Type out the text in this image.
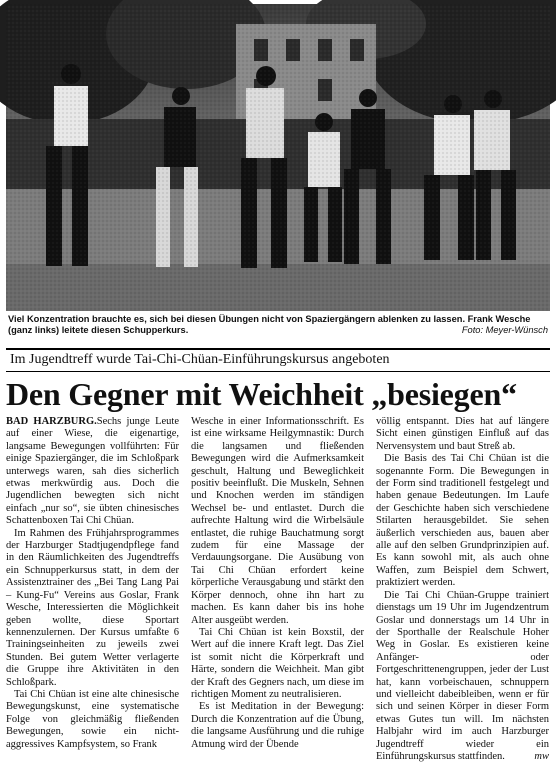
Viel Konzentration brauchte es, sich bei diesen Übungen nicht von Spaziergängern ablenken zu lassen. Frank Wesche (ganz links) leitete diesen Schupperkurs.	Foto: Meyer-Wünsch
Im Jugendtreff wurde Tai-Chi-Chüan-Einführungskursus angeboten
Den Gegner mit Weichheit „besiegen“

BAD HARZBURG.Sechs junge Leute auf einer Wiese, die eigenartige, langsame Bewegungen vollführten: Für einige Spaziergänger, die im Schloßpark unterwegs waren, sah dies sicherlich etwas merkwürdig aus. Doch die Jugendlichen bewegten sich nicht einfach „nur so“, sie übten chinesisches Schattenboxen Tai Chi Chüan.

Im Rahmen des Frühjahrsprogrammes der Harzburger Stadtjugendpflege fand in den Räumlichkeiten des Jugendtreffs ein Schnupperkursus statt, in dem der Assistenztrainer des „Bei Tang Lang Pai – Kung-Fu“ Vereins aus Goslar, Frank Wesche, Interessierten die Möglichkeit geben wollte, diese Sportart kennenzulernen. Der Kursus umfaßte 6 Trainingseinheiten zu jeweils zwei Stunden. Bei gutem Wetter verlagerte die Gruppe ihre Aktivitäten in den Schloßpark.

Tai Chi Chüan ist eine alte chinesische Bewegungskunst, eine systematische Folge von gleichmäßig fließenden Bewegungen, sowie ein nicht-aggressives Kampfsystem, so Frank

Wesche in einer Informationsschrift. Es ist eine wirksame Heilgymnastik: Durch die langsamen und fließenden Bewegungen wird die Aufmerksamkeit geschult, Haltung und Beweglichkeit positiv beeinflußt. Die Muskeln, Sehnen und Knochen werden im ständigen Wechsel be- und entlastet. Durch die aufrechte Haltung wird die Wirbelsäule entlastet, die ruhige Bauchatmung sorgt zudem für eine Massage der Verdauungsorgane. Die Ausübung von Tai Chi Chüan erfordert keine körperliche Verausgabung und stärkt den Körper dennoch, ohne ihn hart zu machen. Es kann daher bis ins hohe Alter ausgeübt werden.

Tai Chi Chüan ist kein Boxstil, der Wert auf die innere Kraft legt. Das Ziel ist somit nicht die Körperkraft und Härte, sondern die Weichheit. Man gibt der Kraft des Gegners nach, um diese im richtigen Moment zu neutralisieren.

Es ist Meditation in der Bewegung: Durch die Konzentration auf die Übung, die langsame Ausführung und die ruhige Atmung wird der Übende

völlig entspannt. Dies hat auf längere Sicht einen günstigen Einfluß auf das Nervensystem und baut Streß ab.

Die Basis des Tai Chi Chüan ist die sogenannte Form. Die Bewegungen in der Form sind traditionell festgelegt und haben genaue Bedeutungen. Im Laufe der Geschichte haben sich verschiedene Stilarten herausgebildet. Sie sehen äußerlich verschieden aus, bauen aber alle auf den selben Grundprinzipien auf. Es kann sowohl mit, als auch ohne Waffen, zum Beispiel dem Schwert, praktiziert werden.

Die Tai Chi Chüan-Gruppe trainiert dienstags um 19 Uhr im Jugendzentrum Goslar und donnerstags um 14 Uhr in der Sporthalle der Realschule Hoher Weg in Goslar. Es existieren keine Anfänger- oder Fortgeschrittenengruppen, jeder der Lust hat, kann vorbeischauen, schnuppern und vielleicht dabeibleiben, wenn er für sich und seinen Körper in dieser Form etwas Gutes tun will. Im nächsten Halbjahr wird im auch Harzburger Jugendtreff wieder ein Einführungskursus stattfinden.	mw
